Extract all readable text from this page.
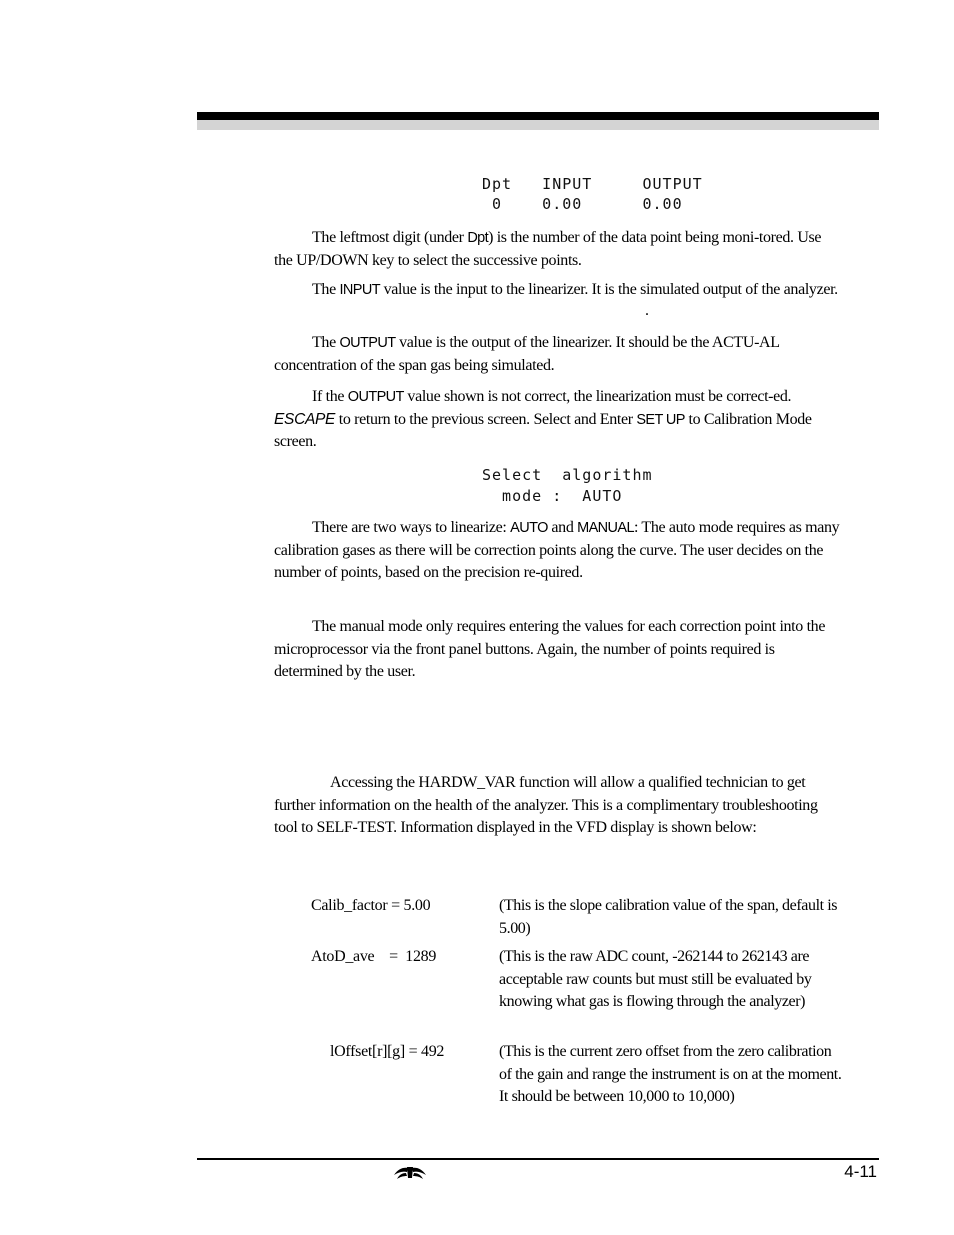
Dpt   INPUT     OUTPUT
0    0.00      0.00

The leftmost digit (under Dpt) is the number of the data point being moni-tored. Use the UP/DOWN key to select the successive points.

The INPUT value is the input to the linearizer. It is the simulated output of the analyzer.

.

The OUTPUT value is the output of the linearizer. It should be the ACTU-AL concentration of the span gas being simulated.

If the OUTPUT value shown is not correct, the linearization must be correct-ed. ESCAPE to return to the previous screen. Select and Enter SET UP to Calibration Mode screen.

Select  algorithm
mode :  AUTO

There are two ways to linearize: AUTO and MANUAL: The auto mode requires as many calibration gases as there will be correction points along the curve. The user decides on the number of points, based on the precision re-quired.

The manual mode only requires entering the values for each correction point into the microprocessor via the front panel buttons. Again, the number of points required is determined by the user.

Accessing the HARDW_VAR function will allow a qualified technician to get further information on the health of the analyzer. This is a complimentary troubleshooting tool to SELF-TEST. Information displayed in the VFD display is shown below:

Calib_factor = 5.00	(This is the slope calibration value of the span, default is 5.00)
AtoD_ave    =  1289	(This is the raw ADC count, -262144 to 262143 are acceptable raw counts but must still be evaluated by knowing what gas is flowing through the analyzer)
lOffset[r][g] = 492	(This is the current zero offset from the zero calibration of the gain and range the instrument is on at the moment. It should be between 10,000 to 10,000)
4-11
